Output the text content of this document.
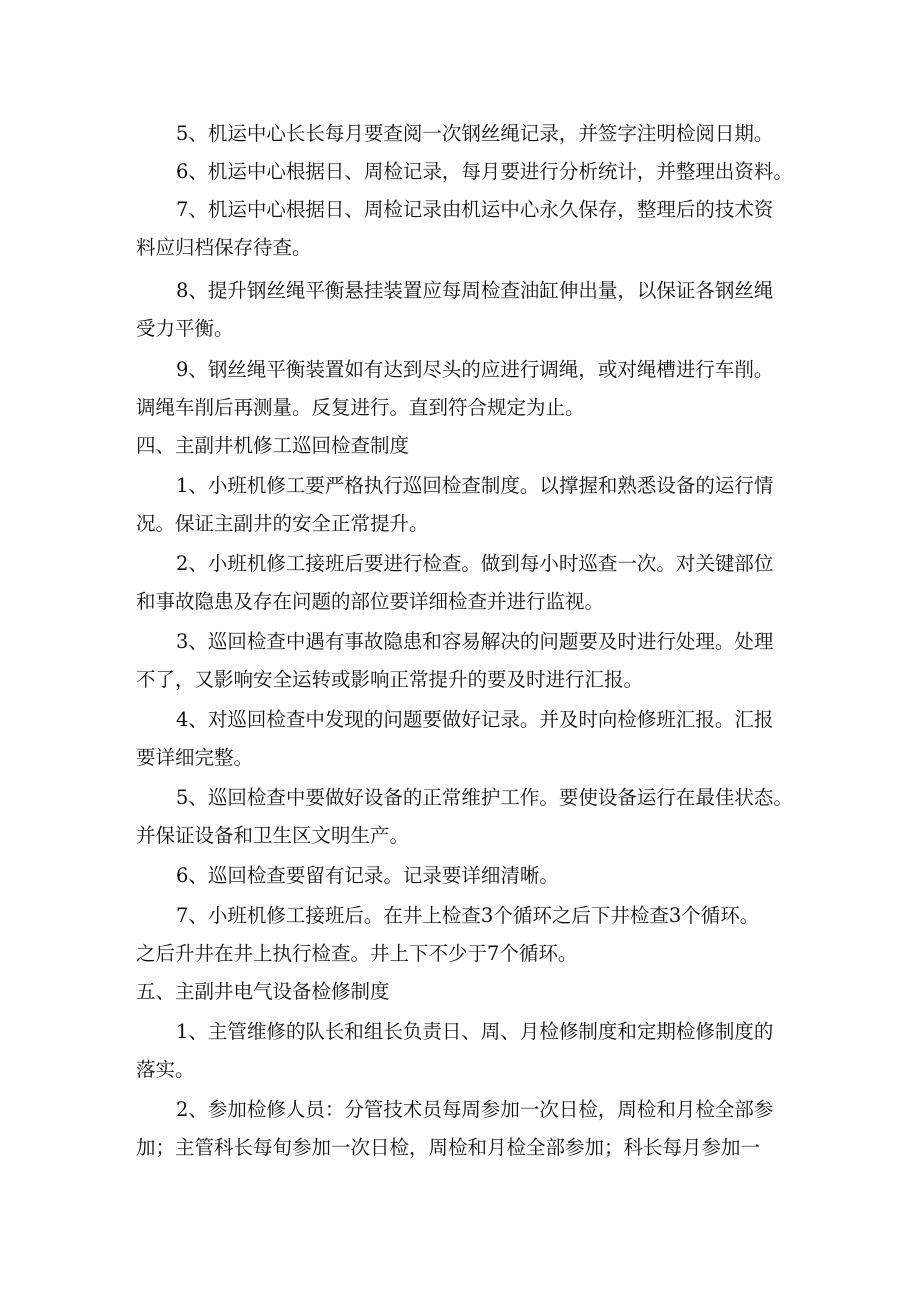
5、机运中心长长每月要查阅一次钢丝绳记录，并签字注明检阅日期。
6、机运中心根据日、周检记录，每月要进行分析统计，并整理出资料。
7、机运中心根据日、周检记录由机运中心永久保存，整理后的技术资
料应归档保存待查。
8、提升钢丝绳平衡悬挂装置应每周检查油缸伸出量，以保证各钢丝绳
受力平衡。
9、钢丝绳平衡装置如有达到尽头的应进行调绳，或对绳槽进行车削。
调绳车削后再测量。反复进行。直到符合规定为止。
四、主副井机修工巡回检查制度
1、小班机修工要严格执行巡回检查制度。以撑握和熟悉设备的运行情
况。保证主副井的安全正常提升。
2、小班机修工接班后要进行检查。做到每小时巡查一次。对关键部位
和事故隐患及存在问题的部位要详细检查并进行监视。
3、巡回检查中遇有事故隐患和容易解决的问题要及时进行处理。处理
不了，又影响安全运转或影响正常提升的要及时进行汇报。
4、对巡回检查中发现的问题要做好记录。并及时向检修班汇报。汇报
要详细完整。
5、巡回检查中要做好设备的正常维护工作。要使设备运行在最佳状态。
并保证设备和卫生区文明生产。
6、巡回检查要留有记录。记录要详细清晰。
7、小班机修工接班后。在井上检查3个循环之后下井检查3个循环。
之后升井在井上执行检查。井上下不少于7个循环。
五、主副井电气设备检修制度
1、主管维修的队长和组长负责日、周、月检修制度和定期检修制度的
落实。
2、参加检修人员：分管技术员每周参加一次日检，周检和月检全部参
加；主管科长每旬参加一次日检，周检和月检全部参加；科长每月参加一
